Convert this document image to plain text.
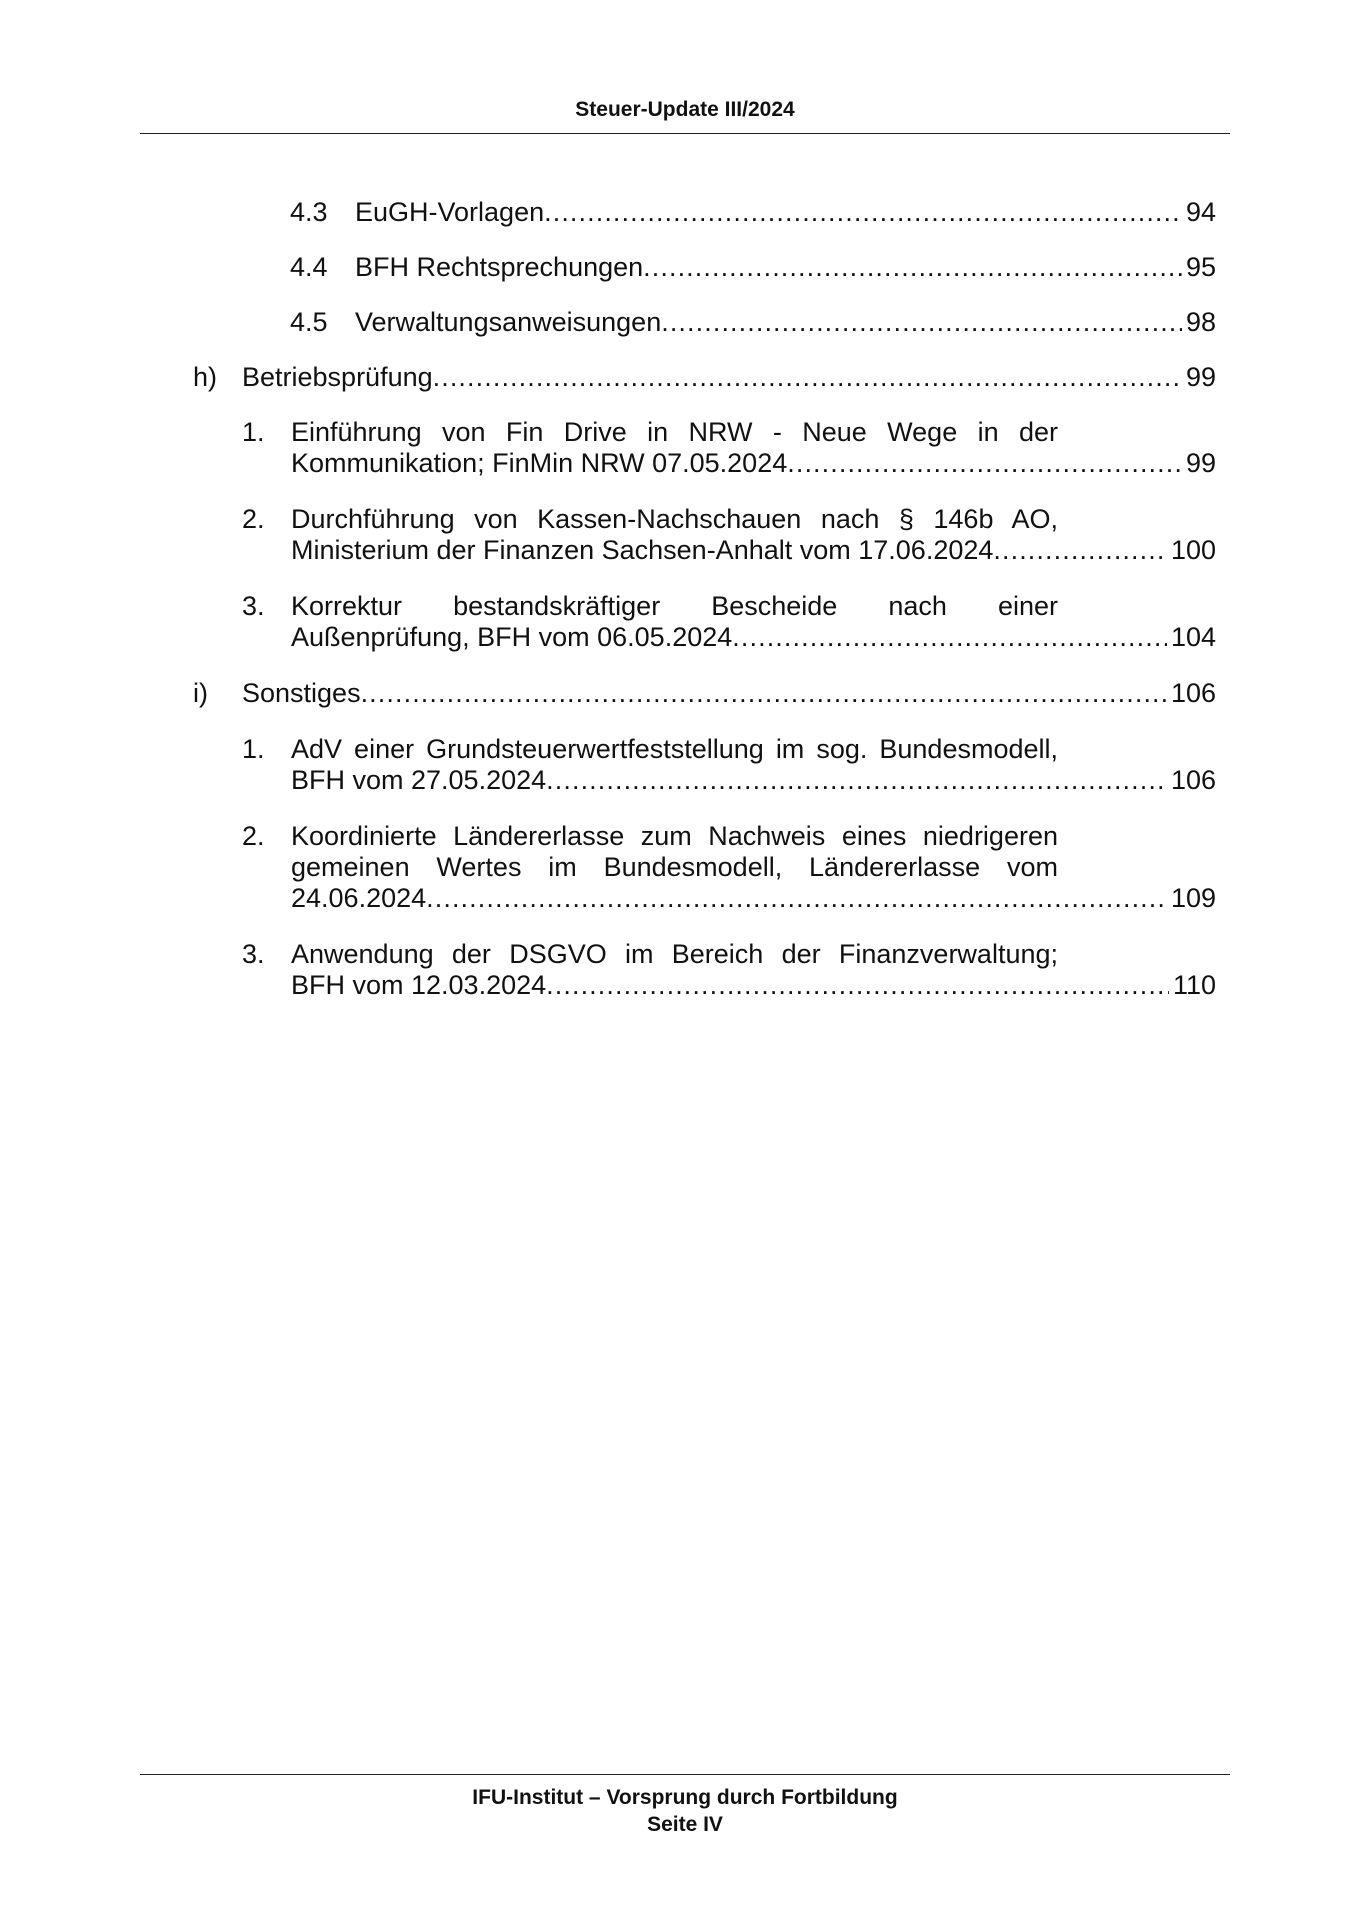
Steuer-Update III/2024
4.3 EuGH-Vorlagen . . .	94
4.4 BFH Rechtsprechungen . . .	95
4.5 Verwaltungsanweisungen . . .	98
h) Betriebsprüfung . . .	99
1. Einführung von Fin Drive in NRW - Neue Wege in der
Kommunikation; FinMin NRW 07.05.2024 . . .	99
2. Durchführung von Kassen-Nachschauen nach § 146b AO,
Ministerium der Finanzen Sachsen-Anhalt vom 17.06.2024 . . .	100
3. Korrektur bestandskräftiger Bescheide nach einer
Außenprüfung, BFH vom 06.05.2024 . . .	104
i) Sonstiges . . .	106
1. AdV einer Grundsteuerwertfeststellung im sog. Bundesmodell,
BFH vom 27.05.2024 . . .	106
2. Koordinierte Ländererlasse zum Nachweis eines niedrigeren
gemeinen Wertes im Bundesmodell, Ländererlasse vom
24.06.2024 . . .	109
3. Anwendung der DSGVO im Bereich der Finanzverwaltung;
BFH vom 12.03.2024 . . .	110
IFU-Institut – Vorsprung durch Fortbildung
Seite IV
